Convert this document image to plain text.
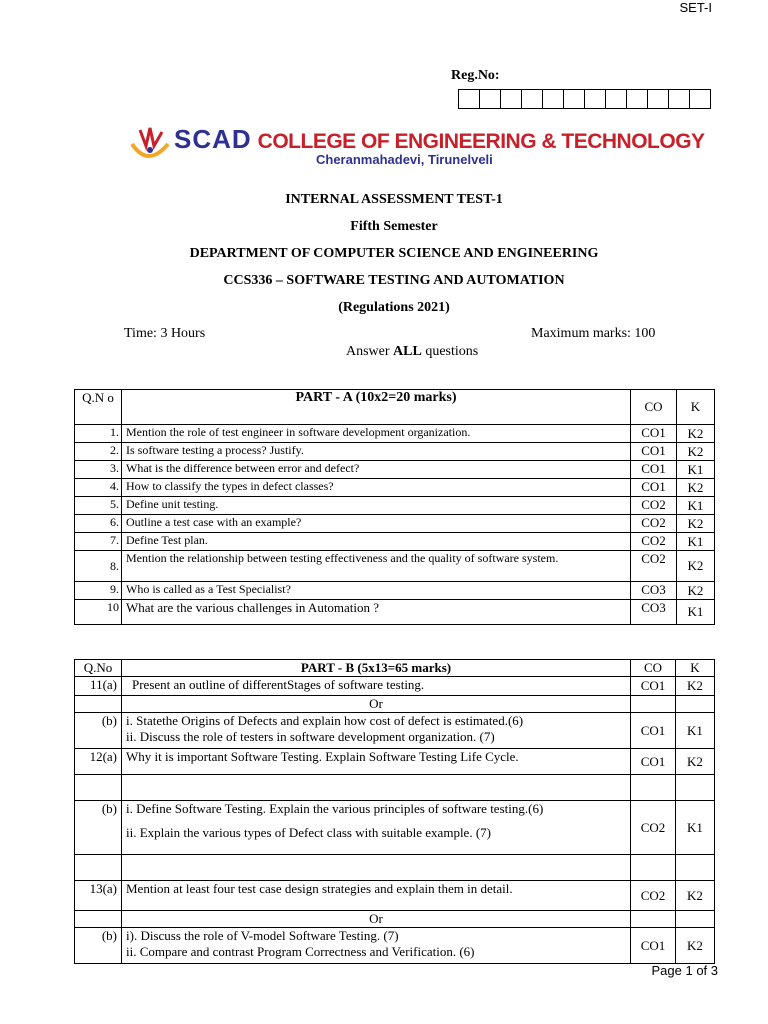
SET-I
Reg.No:
SCAD COLLEGE OF ENGINEERING & TECHNOLOGY
Cheranmahadevi, Tirunelveli
INTERNAL ASSESSMENT TEST-1
Fifth Semester
DEPARTMENT OF COMPUTER SCIENCE AND ENGINEERING
CCS336 – SOFTWARE TESTING AND AUTOMATION
(Regulations 2021)
Time: 3 Hours	Maximum marks: 100
Answer ALL questions
Q.N o	PART - A (10x2=20 marks)	CO	K
1.	Mention the role of test engineer in software development organization.	CO1	K2
2.	Is software testing a process? Justify.	CO1	K2
3.	What is the difference between error and defect?	CO1	K1
4.	How to classify the types in defect classes?	CO1	K2
5.	Define unit testing.	CO2	K1
6.	Outline a test case with an example?	CO2	K2
7.	Define Test plan.	CO2	K1
8.	Mention the relationship between testing effectiveness and the quality of software system.	CO2	K2
9.	Who is called as a Test Specialist?	CO3	K2
10	What are the various challenges in Automation ?	CO3	K1
Q.No	PART - B (5x13=65 marks)	CO	K
11(a)	Present an outline of differentStages of software testing.	CO1	K2
	Or		
(b)	i. Statethe Origins of Defects and explain how cost of defect is estimated.(6)
ii. Discuss the role of testers in software development organization. (7)	CO1	K1
12(a)	Why it is important Software Testing. Explain Software Testing Life Cycle.	CO1	K2

(b)	i. Define Software Testing. Explain the various principles of software testing.(6)
ii. Explain the various types of Defect class with suitable example. (7)	CO2	K1

13(a)	Mention at least four test case design strategies and explain them in detail.	CO2	K2
	Or		
(b)	i). Discuss the role of V-model Software Testing. (7)
ii. Compare and contrast Program Correctness and Verification. (6)	CO1	K2
Page 1 of 3
